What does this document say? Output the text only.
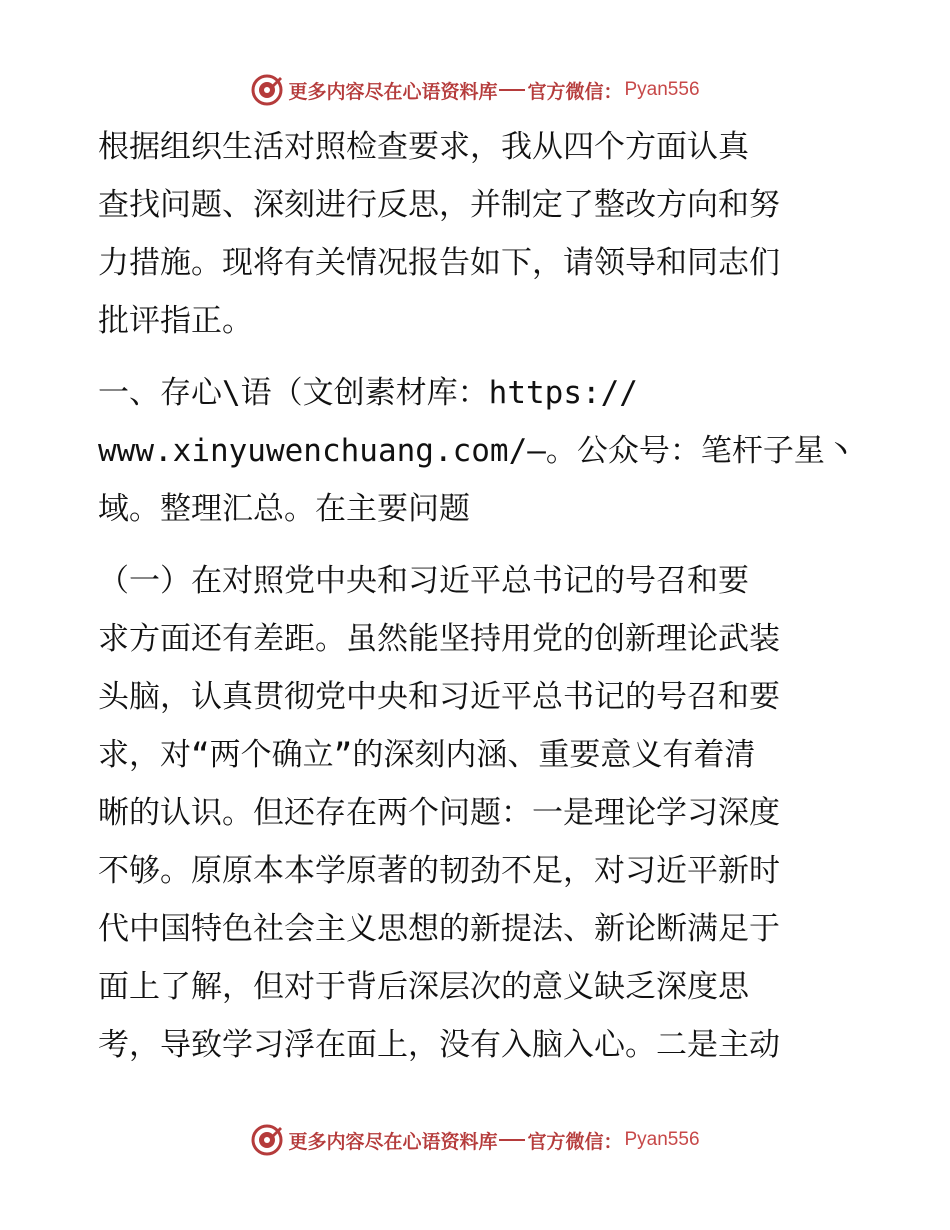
更多内容尽在心语资料库 官方微信： Pyan556
根据组织生活对照检查要求，我从四个方面认真
查找问题、深刻进行反思，并制定了整改方向和努
力措施。现将有关情况报告如下，请领导和同志们
批评指正。
一、存心\语（文创素材库：https://
www.xinyuwenchuang.com/—。公众号：笔杆子星丶
域。整理汇总。在主要问题
（一）在对照党中央和习近平总书记的号召和要
求方面还有差距。虽然能坚持用党的创新理论武装
头脑，认真贯彻党中央和习近平总书记的号召和要
求，对“两个确立”的深刻内涵、重要意义有着清
晰的认识。但还存在两个问题：一是理论学习深度
不够。原原本本学原著的韧劲不足，对习近平新时
代中国特色社会主义思想的新提法、新论断满足于
面上了解，但对于背后深层次的意义缺乏深度思
考，导致学习浮在面上，没有入脑入心。二是主动
更多内容尽在心语资料库 官方微信： Pyan556
